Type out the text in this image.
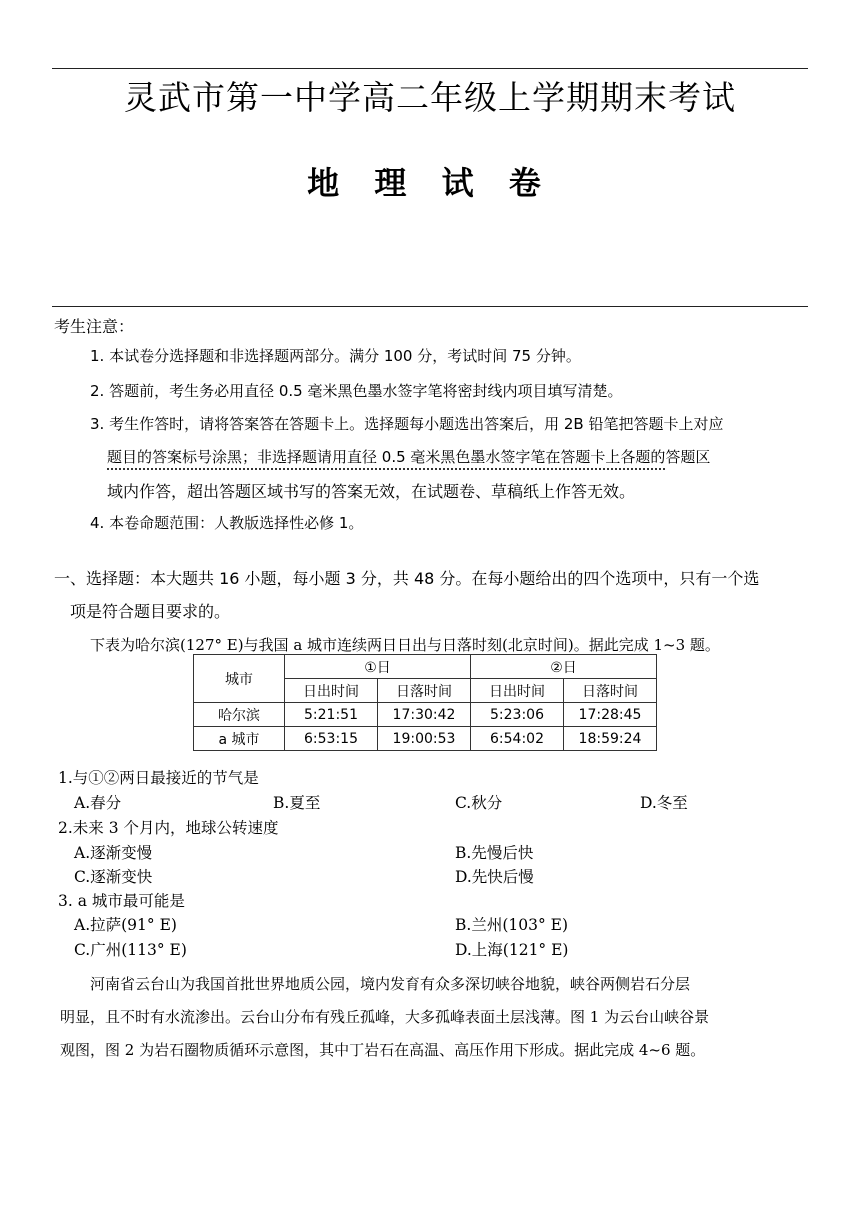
灵武市第一中学高二年级上学期期末考试
地 理 试 卷
考生注意：
1. 本试卷分选择题和非选择题两部分。满分 100 分，考试时间 75 分钟。
2. 答题前，考生务必用直径 0.5 毫米黑色墨水签字笔将密封线内项目填写清楚。
3. 考生作答时，请将答案答在答题卡上。选择题每小题选出答案后，用 2B 铅笔把答题卡上对应
题目的答案标号涂黑；非选择题请用直径 0.5 毫米黑色墨水签字笔在答题卡上各题的答题区
域内作答，超出答题区域书写的答案无效，在试题卷、草稿纸上作答无效。
4. 本卷命题范围：人教版选择性必修 1。
一、选择题：本大题共 16 小题，每小题 3 分，共 48 分。在每小题给出的四个选项中，只有一个选
项是符合题目要求的。
下表为哈尔滨(127° E)与我国 a 城市连续两日日出与日落时刻(北京时间)。据此完成 1~3 题。
城市	①日		②日	
	日出时间	日落时间	日出时间	日落时间
哈尔滨	5:21:51	17:30:42	5:23:06	17:28:45
a 城市	6:53:15	19:00:53	6:54:02	18:59:24
1.与①②两日最接近的节气是
A.春分	B.夏至	C.秋分	D.冬至
2.未来 3 个月内，地球公转速度
A.逐渐变慢	B.先慢后快
C.逐渐变快	D.先快后慢
3. a 城市最可能是
A.拉萨(91° E)	B.兰州(103° E)
C.广州(113° E)	D.上海(121° E)
河南省云台山为我国首批世界地质公园，境内发育有众多深切峡谷地貌，峡谷两侧岩石分层
明显，且不时有水流渗出。云台山分布有残丘孤峰，大多孤峰表面土层浅薄。图 1 为云台山峡谷景
观图，图 2 为岩石圈物质循环示意图，其中丁岩石在高温、高压作用下形成。据此完成 4~6 题。
